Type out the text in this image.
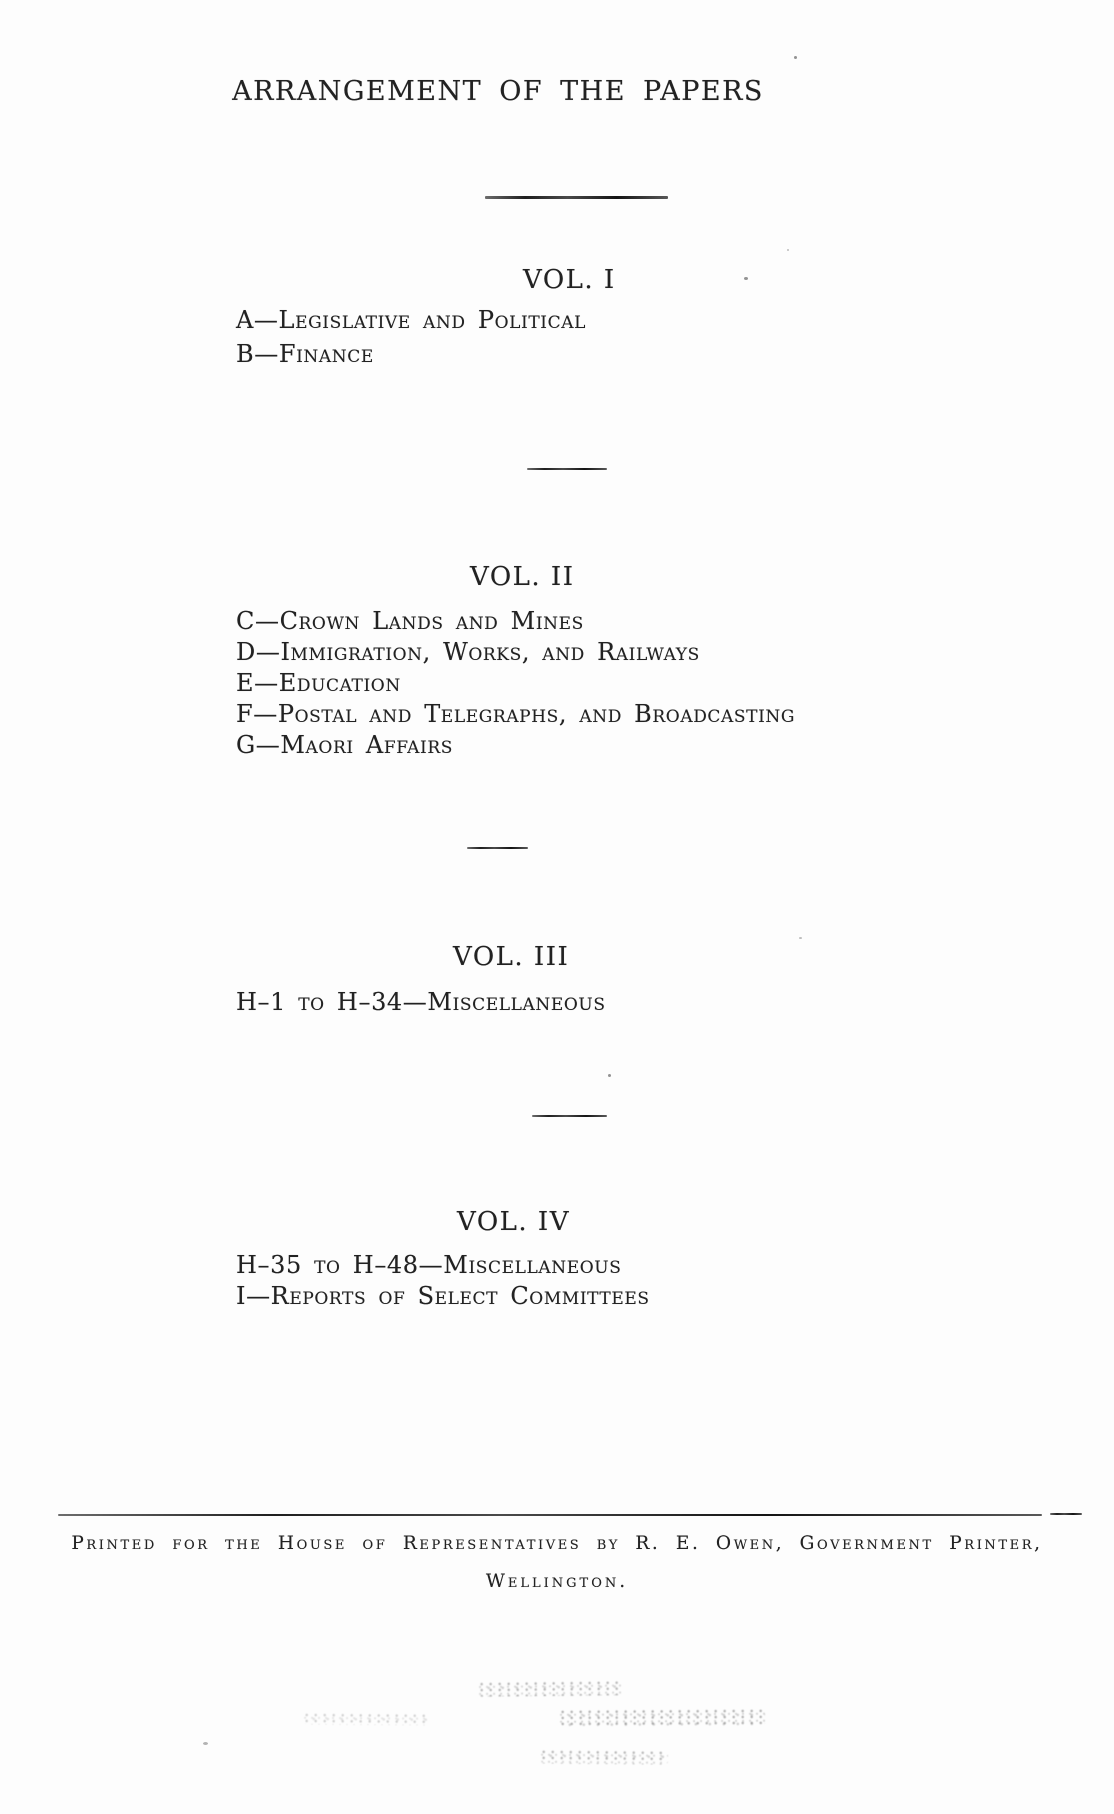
ARRANGEMENT OF THE PAPERS
VOL. I

A—Legislative and Political
B—Finance

VOL. II

C—Crown Lands and Mines
D—Immigration, Works, and Railways
E—Education
F—Postal and Telegraphs, and Broadcasting
G—Maori Affairs

VOL. III

H–1 to H–34—Miscellaneous

VOL. IV

H–35 to H–48—Miscellaneous
I—Reports of Select Committees

Printed for the House of Representatives by R. E. Owen, Government Printer,

Wellington.
